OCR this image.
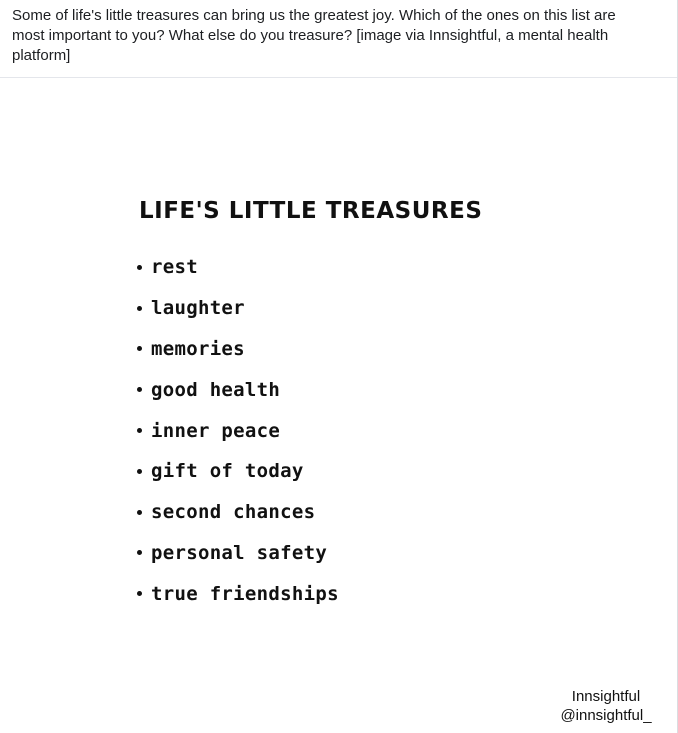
Some of life's little treasures can bring us the greatest joy. Which of the ones on this list are most important to you? What else do you treasure? [image via Innsightful, a mental health platform]
LIFE'S LITTLE TREASURES
rest
laughter
memories
good health
inner peace
gift of today
second chances
personal safety
true friendships
Innsightful
@innsightful_
